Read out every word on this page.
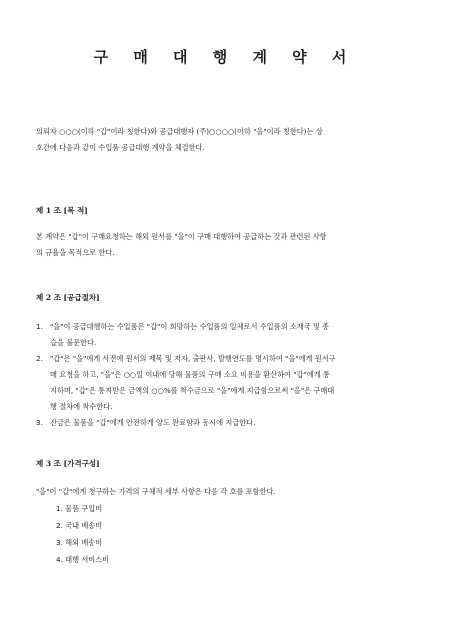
구 매 대 행 계 약 서

의뢰자 ○○○(이하 "갑"이라 칭한다)와 공급대행자 (주)○○○○(이하 "을"이라 칭한다)는 상
호간에 다음과 같이 수입품 공급대행 계약을 체결한다.

제 1 조 [목 적]

본 계약은 "갑"이 구매요청하는 해외 원서를 "을"이 구매 대행하여 공급하는 것과 관련된 사항
의 규율을 목적으로 한다.

제 2 조 [공급절차]
1. "을"이 공급대행하는 수입품은 "갑"이 희망하는 수입품의 일체로서 수입품의 소재국 및 종
습을 불문한다.
2. "갑"은 "을"에게 사전에 원서의 제목 및 저자, 출판사, 발행연도를 명시하여 "을"에게 원서구
매 요청을 하고, "을"은 ○○일 이내에 당해 물품의 구매 소요 비용을 환산하여 "갑"에게 통
지하며, "갑"은 통지받은 금액의 ○○%를 착수금으로 "을"에게 지급함으로써 "을"은 구매대
행 절차에 착수한다.
3. 잔금은 물품을 "갑"에게 안전하게 양도 완료함과 동시에 지급한다.
제 3 조 [가격구성]

"을"이 "갑"에게 청구하는 가격의 구체적 세부 사항은 다음 각 호를 포함한다.

1. 물품 구입비
2. 국내 배송비
3. 해외 배송비
4. 대행 서비스비
